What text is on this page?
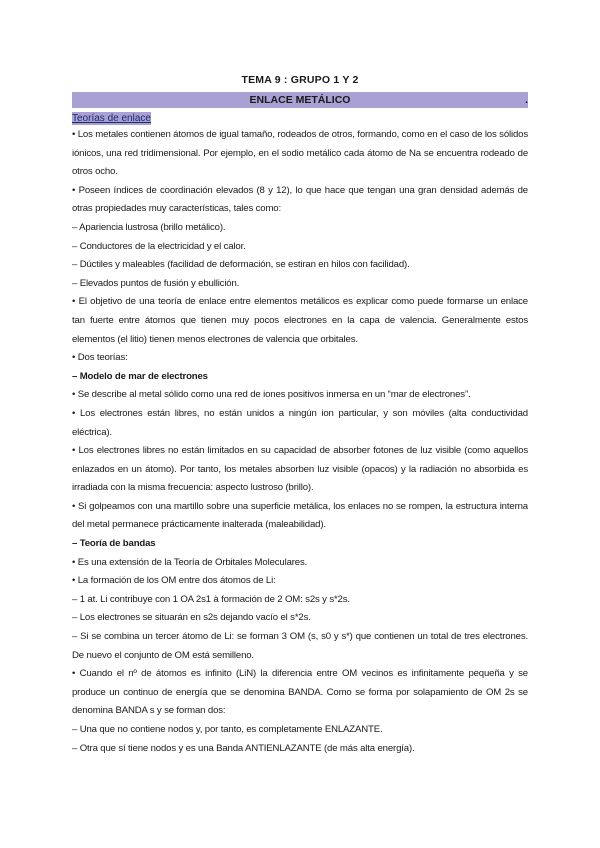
TEMA 9 : GRUPO 1 Y 2
ENLACE METÁLICO	.
Teorías de enlace

• Los metales contienen átomos de igual tamaño, rodeados de otros, formando, como en el caso de los sólidos iónicos, una red tridimensional. Por ejemplo, en el sodio metálico cada átomo de Na se encuentra rodeado de otros ocho.

• Poseen índices de coordinación elevados (8 y 12), lo que hace que tengan una gran densidad además de otras propiedades muy características, tales como:

– Apariencia lustrosa (brillo metálico).

– Conductores de la electricidad y el calor.

– Dúctiles y maleables (facilidad de deformación, se estiran en hilos con facilidad).

– Elevados puntos de fusión y ebullición.

• El objetivo de una teoría de enlace entre elementos metálicos es explicar como puede formarse un enlace tan fuerte entre átomos que tienen muy pocos electrones en la capa de valencia. Generalmente estos elementos (el litio) tienen menos electrones de valencia que orbitales.

• Dos teorías:

– Modelo de mar de electrones

• Se describe al metal sólido como una red de iones positivos inmersa en un “mar de electrones”.

• Los electrones están libres, no están unidos a ningún ion particular, y son móviles (alta conductividad eléctrica).

• Los electrones libres no están limitados en su capacidad de absorber fotones de luz visible (como aquellos enlazados en un átomo). Por tanto, los metales absorben luz visible (opacos) y la radiación no absorbida es irradiada con la misma frecuencia: aspecto lustroso (brillo).

• Si golpeamos con una martillo sobre una superficie metálica, los enlaces no se rompen, la estructura interna del metal permanece prácticamente inalterada (maleabilidad).

– Teoría de bandas

• Es una extensión de la Teoría de Orbitales Moleculares.

• La formación de los OM entre dos átomos de Li:

– 1 at. Li contribuye con 1 OA 2s1 à formación de 2 OM: s2s y s*2s.

– Los electrones se situarán en s2s dejando vacío el s*2s.

– Si se combina un tercer átomo de Li: se forman 3 OM (s, s0 y s*) que contienen un total de tres electrones. De nuevo el conjunto de OM está semilleno.

• Cuando el nº de átomos es infinito (LiN) la diferencia entre OM vecinos es infinitamente pequeña y se produce un continuo de energía que se denomina BANDA. Como se forma por solapamiento de OM 2s se denomina BANDA s y se forman dos:

– Una que no contiene nodos y, por tanto, es completamente ENLAZANTE.

– Otra que sí tiene nodos y es una Banda ANTIENLAZANTE (de más alta energía).
